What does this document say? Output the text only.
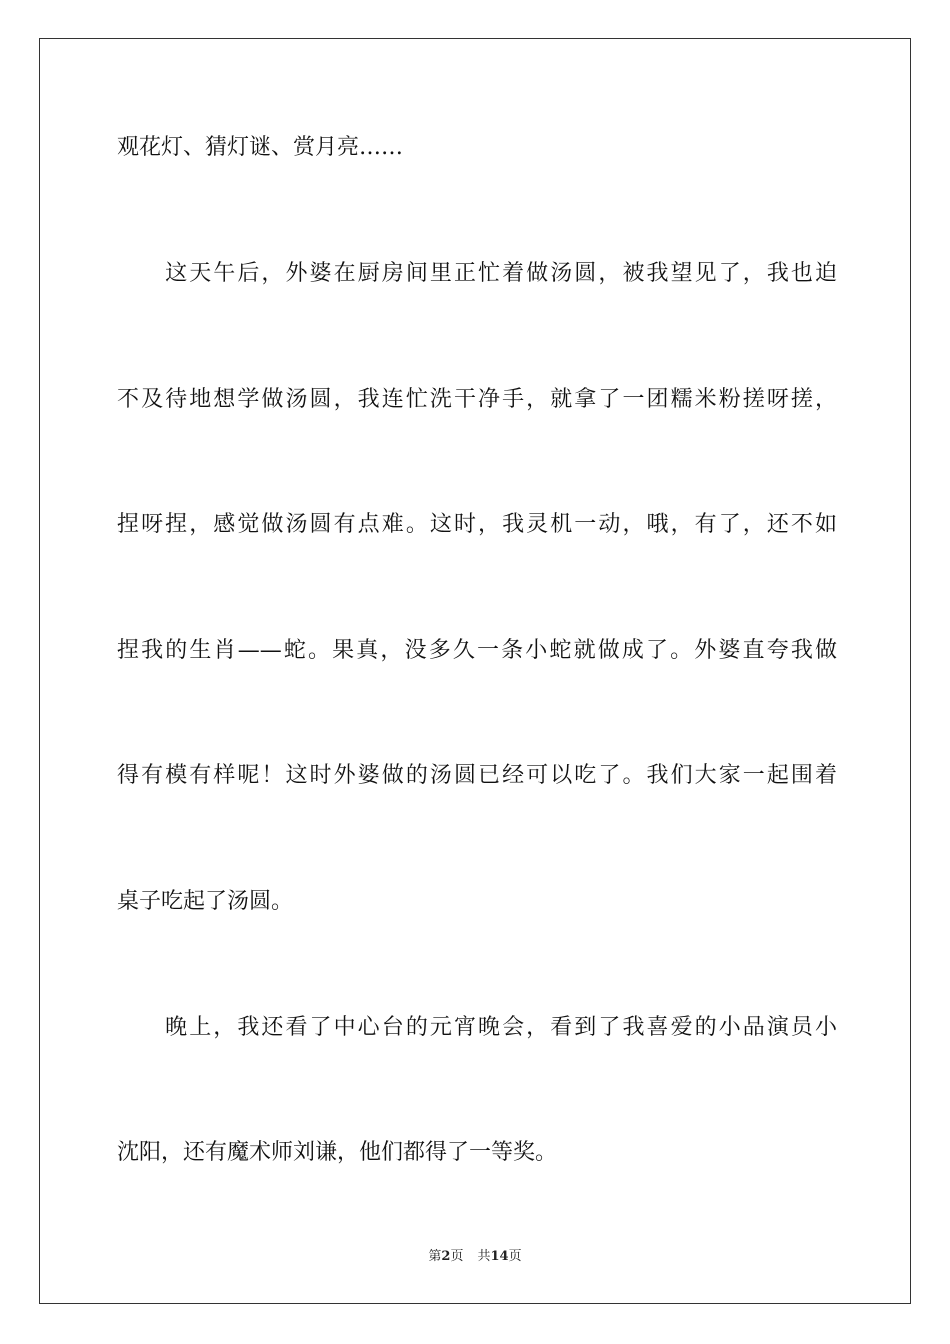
观花灯、猜灯谜、赏月亮……
　　这天午后，外婆在厨房间里正忙着做汤圆，被我望见了，我也迫
不及待地想学做汤圆，我连忙洗干净手，就拿了一团糯米粉搓呀搓，
捏呀捏，感觉做汤圆有点难。这时，我灵机一动，哦，有了，还不如
捏我的生肖——蛇。果真，没多久一条小蛇就做成了。外婆直夸我做
得有模有样呢！这时外婆做的汤圆已经可以吃了。我们大家一起围着
桌子吃起了汤圆。
　　晚上，我还看了中心台的元宵晚会，看到了我喜爱的小品演员小
沈阳，还有魔术师刘谦，他们都得了一等奖。
第2页 共14页
